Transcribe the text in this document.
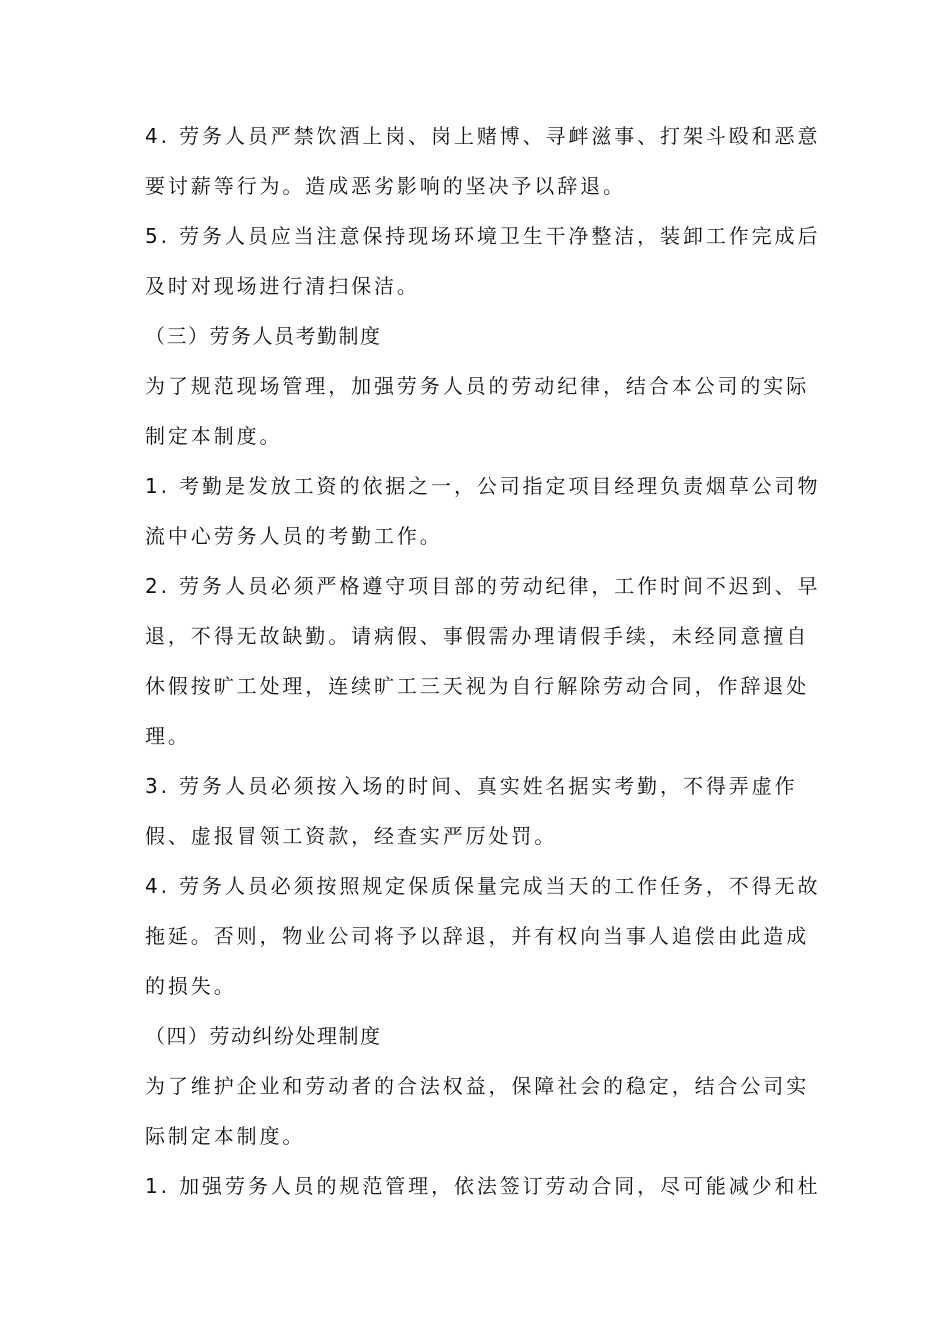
4. 劳务人员严禁饮酒上岗、岗上赌博、寻衅滋事、打架斗殴和恶意
要讨薪等行为。造成恶劣影响的坚决予以辞退。
5. 劳务人员应当注意保持现场环境卫生干净整洁，装卸工作完成后
及时对现场进行清扫保洁。
（三）劳务人员考勤制度
为了规范现场管理，加强劳务人员的劳动纪律，结合本公司的实际
制定本制度。
1. 考勤是发放工资的依据之一，公司指定项目经理负责烟草公司物
流中心劳务人员的考勤工作。
2. 劳务人员必须严格遵守项目部的劳动纪律，工作时间不迟到、早
退，不得无故缺勤。请病假、事假需办理请假手续，未经同意擅自
休假按旷工处理，连续旷工三天视为自行解除劳动合同，作辞退处
理。
3. 劳务人员必须按入场的时间、真实姓名据实考勤，不得弄虚作
假、虚报冒领工资款，经查实严厉处罚。
4. 劳务人员必须按照规定保质保量完成当天的工作任务，不得无故
拖延。否则，物业公司将予以辞退，并有权向当事人追偿由此造成
的损失。
（四）劳动纠纷处理制度
为了维护企业和劳动者的合法权益，保障社会的稳定，结合公司实
际制定本制度。
1. 加强劳务人员的规范管理，依法签订劳动合同，尽可能减少和杜
